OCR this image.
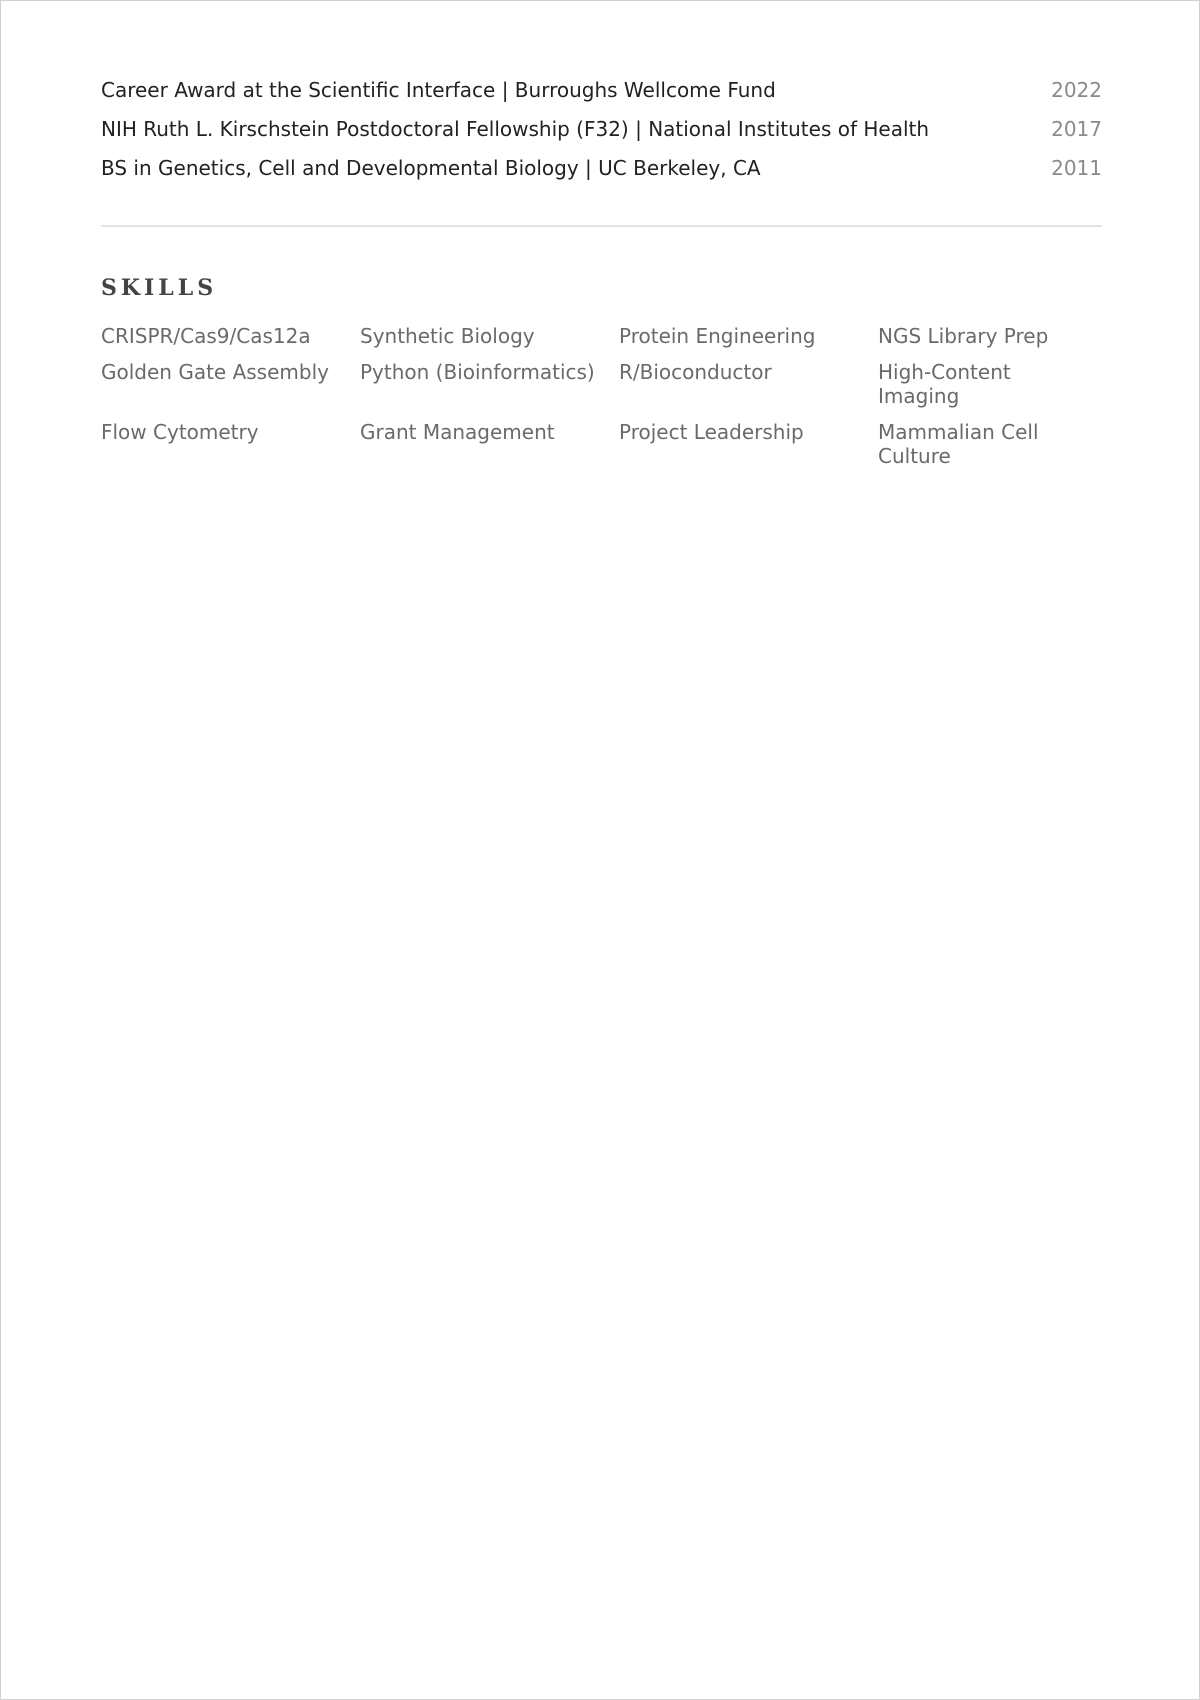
Career Award at the Scientific Interface | Burroughs Wellcome Fund	2022
NIH Ruth L. Kirschstein Postdoctoral Fellowship (F32) | National Institutes of Health	2017
BS in Genetics, Cell and Developmental Biology | UC Berkeley, CA	2011
SKILLS
CRISPR/Cas9/Cas12a	Synthetic Biology	Protein Engineering	NGS Library Prep
Golden Gate Assembly	Python (Bioinformatics)	R/Bioconductor	High-Content Imaging
Flow Cytometry	Grant Management	Project Leadership	Mammalian Cell Culture
